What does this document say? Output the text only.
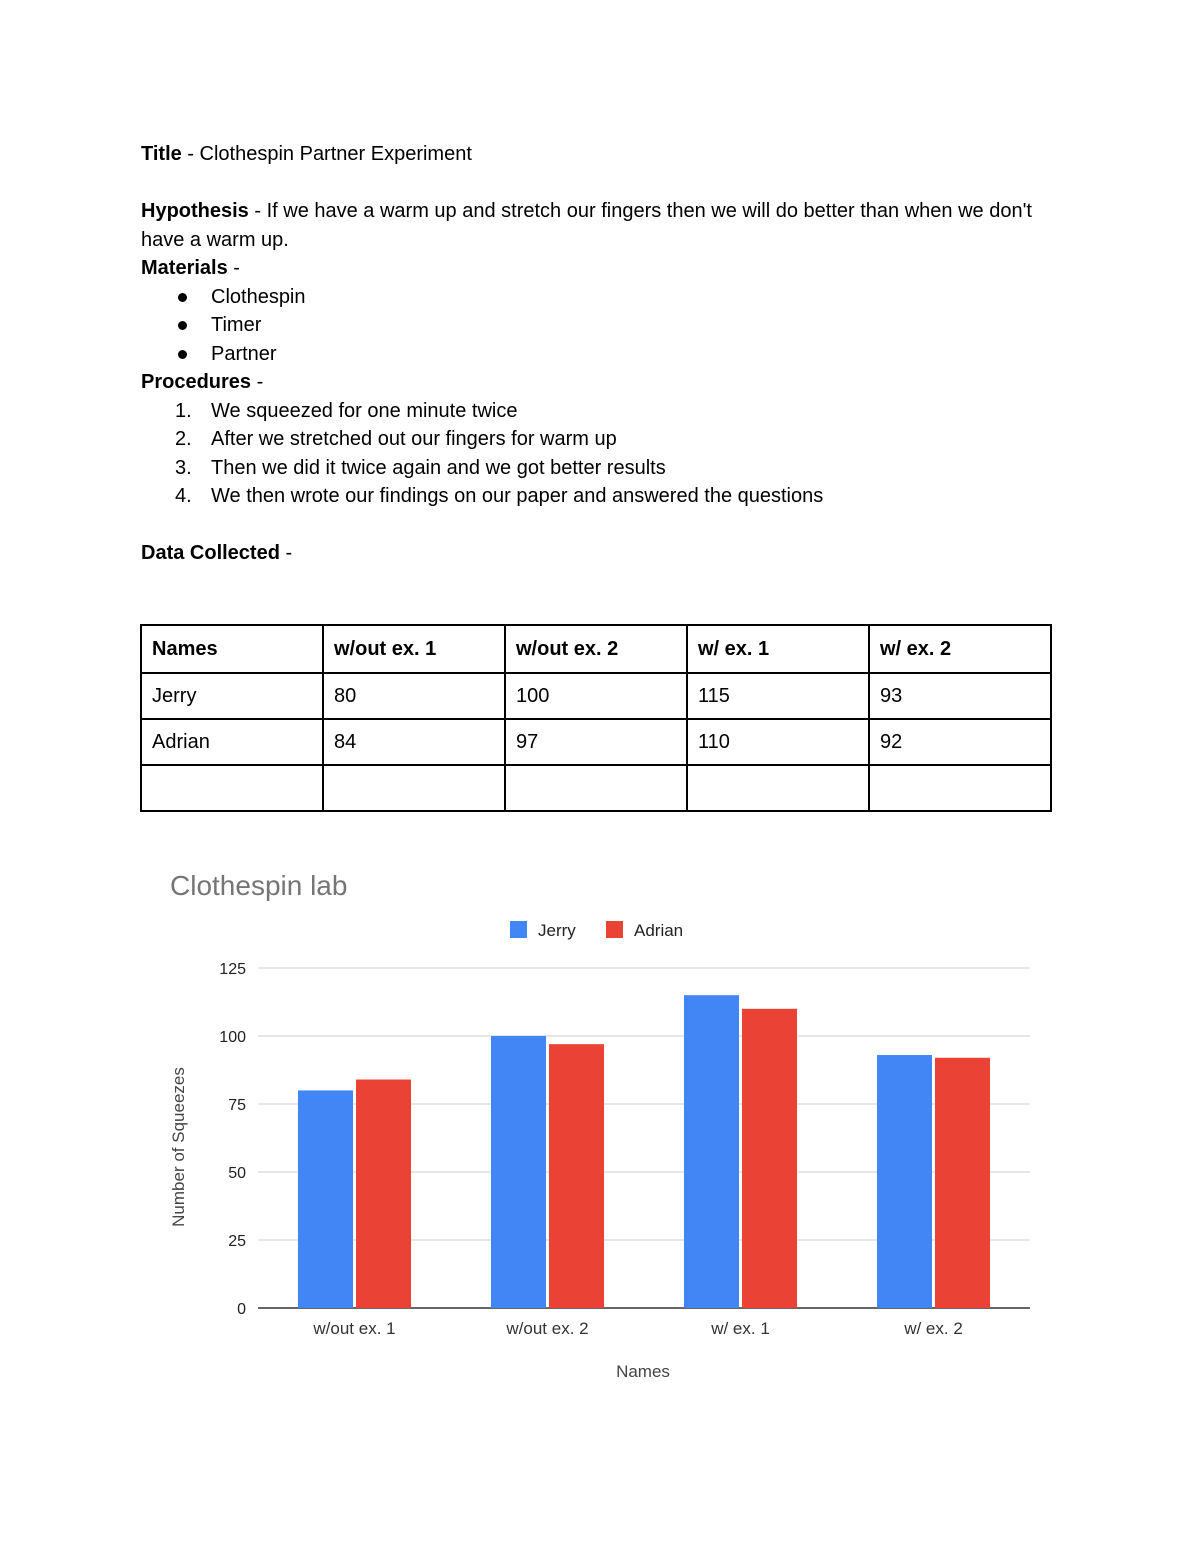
Title - Clothespin Partner Experiment

Hypothesis - If we have a warm up and stretch our fingers then we will do better than when we don't have a warm up.

Materials -

Clothespin
Timer
Partner

Procedures -

1. We squeezed for one minute twice
2. After we stretched out our fingers for warm up
3. Then we did it twice again and we got better results
4. We then wrote our findings on our paper and answered the questions

Data Collected -

Names	w/out ex. 1	w/out ex. 2	w/ ex. 1	w/ ex. 2
Jerry	80	100	115	93
Adrian	84	97	110	92

Clothespin lab
Jerry	Adrian
0
25
50
75
100
125
w/out ex. 1	w/out ex. 2	w/ ex. 1	w/ ex. 2
Names
Number of Squeezes
